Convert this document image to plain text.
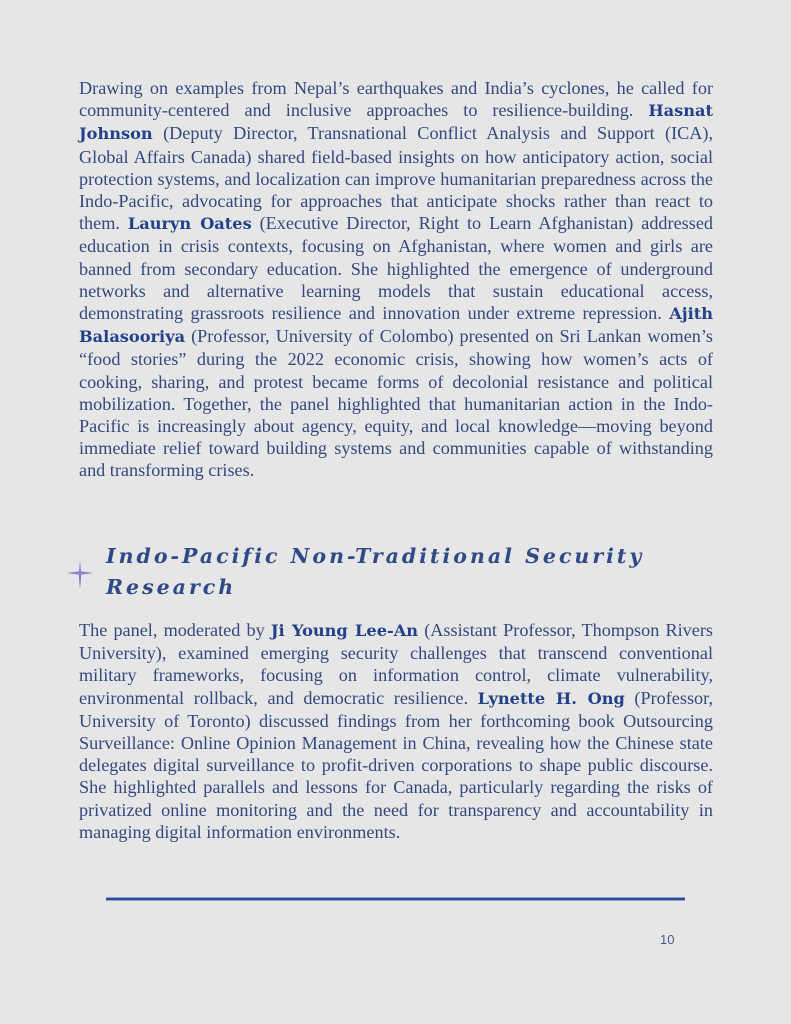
Drawing on examples from Nepal’s earthquakes and India’s cyclones, he called for community-centered and inclusive approaches to resilience-building. Hasnat Johnson (Deputy Director, Transnational Conflict Analysis and Support (ICA), Global Affairs Canada) shared field-based insights on how anticipatory action, social protection systems, and localization can improve humanitarian preparedness across the Indo-Pacific, advocating for approaches that anticipate shocks rather than react to them. Lauryn Oates (Executive Director, Right to Learn Afghanistan) addressed education in crisis contexts, focusing on Afghanistan, where women and girls are banned from secondary education. She highlighted the emergence of underground networks and alternative learning models that sustain educational access, demonstrating grassroots resilience and innovation under extreme repression. Ajith Balasooriya (Professor, University of Colombo) presented on Sri Lankan women’s “food stories” during the 2022 economic crisis, showing how women’s acts of cooking, sharing, and protest became forms of decolonial resistance and political mobilization. Together, the panel highlighted that humanitarian action in the Indo-Pacific is increasingly about agency, equity, and local knowledge—moving beyond immediate relief toward building systems and communities capable of withstanding and transforming crises.

Indo-Pacific Non-Traditional Security Research

The panel, moderated by Ji Young Lee-An (Assistant Professor, Thompson Rivers University), examined emerging security challenges that transcend conventional military frameworks, focusing on information control, climate vulnerability, environmental rollback, and democratic resilience. Lynette H. Ong (Professor, University of Toronto) discussed findings from her forthcoming book Outsourcing Surveillance: Online Opinion Management in China, revealing how the Chinese state delegates digital surveillance to profit-driven corporations to shape public discourse. She highlighted parallels and lessons for Canada, particularly regarding the risks of privatized online monitoring and the need for transparency and accountability in managing digital information environments.

10
